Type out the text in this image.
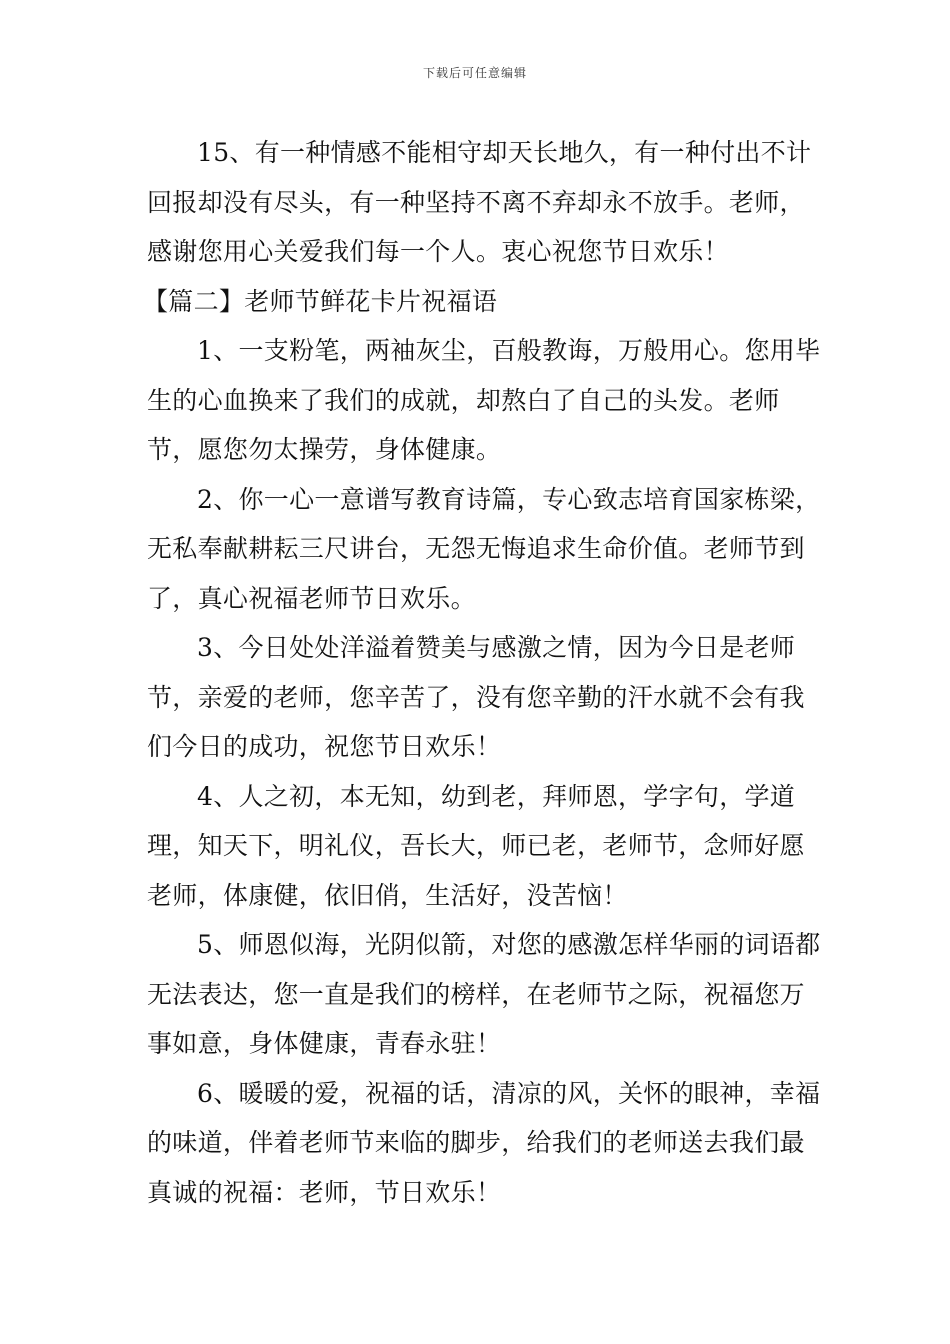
下载后可任意编辑

15、有一种情感不能相守却天长地久，有一种付出不计回报却没有尽头，有一种坚持不离不弃却永不放手。老师，感谢您用心关爱我们每一个人。衷心祝您节日欢乐！

【篇二】老师节鲜花卡片祝福语

1、一支粉笔，两袖灰尘，百般教诲，万般用心。您用毕生的心血换来了我们的成就，却熬白了自己的头发。老师节，愿您勿太操劳，身体健康。

2、你一心一意谱写教育诗篇，专心致志培育国家栋梁，无私奉献耕耘三尺讲台，无怨无悔追求生命价值。老师节到了，真心祝福老师节日欢乐。

3、今日处处洋溢着赞美与感激之情，因为今日是老师节，亲爱的老师，您辛苦了，没有您辛勤的汗水就不会有我们今日的成功，祝您节日欢乐！

4、人之初，本无知，幼到老，拜师恩，学字句，学道理，知天下，明礼仪，吾长大，师已老，老师节，念师好愿老师，体康健，依旧俏，生活好，没苦恼！

5、师恩似海，光阴似箭，对您的感激怎样华丽的词语都无法表达，您一直是我们的榜样，在老师节之际，祝福您万事如意，身体健康，青春永驻！

6、暖暖的爱，祝福的话，清凉的风，关怀的眼神，幸福的味道，伴着老师节来临的脚步，给我们的老师送去我们最真诚的祝福：老师，节日欢乐！
